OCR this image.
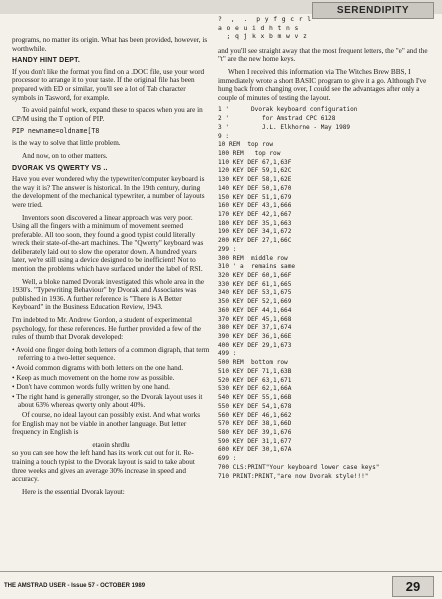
SERENDIPITY

programs, no matter its origin. What has been provided, however, is worthwhile.

HANDY HINT DEPT.

If you don't like the format you find on a .DOC file, use your word processor to arrange it to your taste. If the original file has been prepared with ED or similar, you'll see a lot of Tab character symbols in Tasword, for example.

To avoid painful work, expand these to spaces when you are in CP/M using the T option of PIP.

PIP newname=oldname[T8

is the way to solve that little problem.

And now, on to other matters.

DVORAK VS QWERTY VS ..

Have you ever wondered why the typewriter/computer keyboard is the way it is? The answer is historical. In the 19th century, during the development of the mechanical typewriter, a number of layouts were tried.

Inventors soon discovered a linear approach was very poor. Using all the fingers with a minimum of movement seemed preferable. All too soon, they found a good typist could literally wreck their state-of-the-art machines. The "Qwerty" keyboard was deliberately laid out to slow the operator down. A hundred years later, we're still using a device designed to be inefficient! Not to mention the problems which have surfaced under the label of RSI.

Well, a bloke named Dvorak investigated this whole area in the 1930's. "Typewriting Behaviour" by Dvorak and Associates was published in 1936. A further reference is "There is A Better Keyboard" in the Business Education Review, 1943.

I'm indebted to Mr. Andrew Gordon, a student of experimental psychology, for these references. He further provided a few of the rules of thumb that Dvorak developed:

• Avoid one finger doing both letters of a common digraph, that term referring to a two-letter sequence.
• Avoid common digrams with both letters on the one hand.
• Keep as much movement on the home row as possible.
• Don't have common words fully written by one hand.
• The right hand is generally stronger, so the Dvorak layout uses it about 63% whereas qwerty only about 40%.

Of course, no ideal layout can possibly exist. And what works for English may not be viable in another language. But letter frequency in English is

etaoin shrdlu

so you can see how the left hand has its work cut out for it. Re-training a touch typist to the Dvorak layout is said to take about three weeks and gives an average 30% increase in speed and accuracy.

Here is the essential Dvorak layout:

?  ,  .  p y f g c r l
a o e u i d h t n s
; q j k x b m w v z

and you'll see straight away that the most frequent letters, the "e" and the "t" are the new home keys.

When I received this information via The Witches Brew BBS, I immediately wrote a short BASIC program to give it a go. Although I've hung back from changing over, I could see the advantages after only a couple of minutes of testing the layout.

1 '      Dvorak keyboard configuration
2 '         for Amstrad CPC 6128
3 '         J.L. Elkhorne - May 1989
9 :
10 REM  top row
100 REM   top row
110 KEY DEF 67,1,63F
120 KEY DEF 59,1,62C
130 KEY DEF 58,1,62E
140 KEY DEF 50,1,670
150 KEY DEF 51,1,679
160 KEY DEF 43,1,666
170 KEY DEF 42,1,667
180 KEY DEF 35,1,663
190 KEY DEF 34,1,672
200 KEY DEF 27,1,66C
299 :
300 REM  middle row
310 ' a  remains same
320 KEY DEF 60,1,66F
330 KEY DEF 61,1,665
340 KEY DEF 53,1,675
350 KEY DEF 52,1,669
360 KEY DEF 44,1,664
370 KEY DEF 45,1,668
380 KEY DEF 37,1,674
390 KEY DEF 36,1,66E
400 KEY DEF 29,1,673
499 :
500 REM  bottom row
510 KEY DEF 71,1,63B
520 KEY DEF 63,1,671
530 KEY DEF 62,1,66A
540 KEY DEF 55,1,66B
550 KEY DEF 54,1,678
560 KEY DEF 46,1,662
570 KEY DEF 38,1,66D
580 KEY DEF 39,1,676
590 KEY DEF 31,1,677
600 KEY DEF 30,1,67A
699 :
700 CLS:PRINT"Your keyboard lower case keys"
710 PRINT:PRINT,"are now Dvorak style!!!"
THE AMSTRAD USER - Issue 57 - OCTOBER 1989	29
